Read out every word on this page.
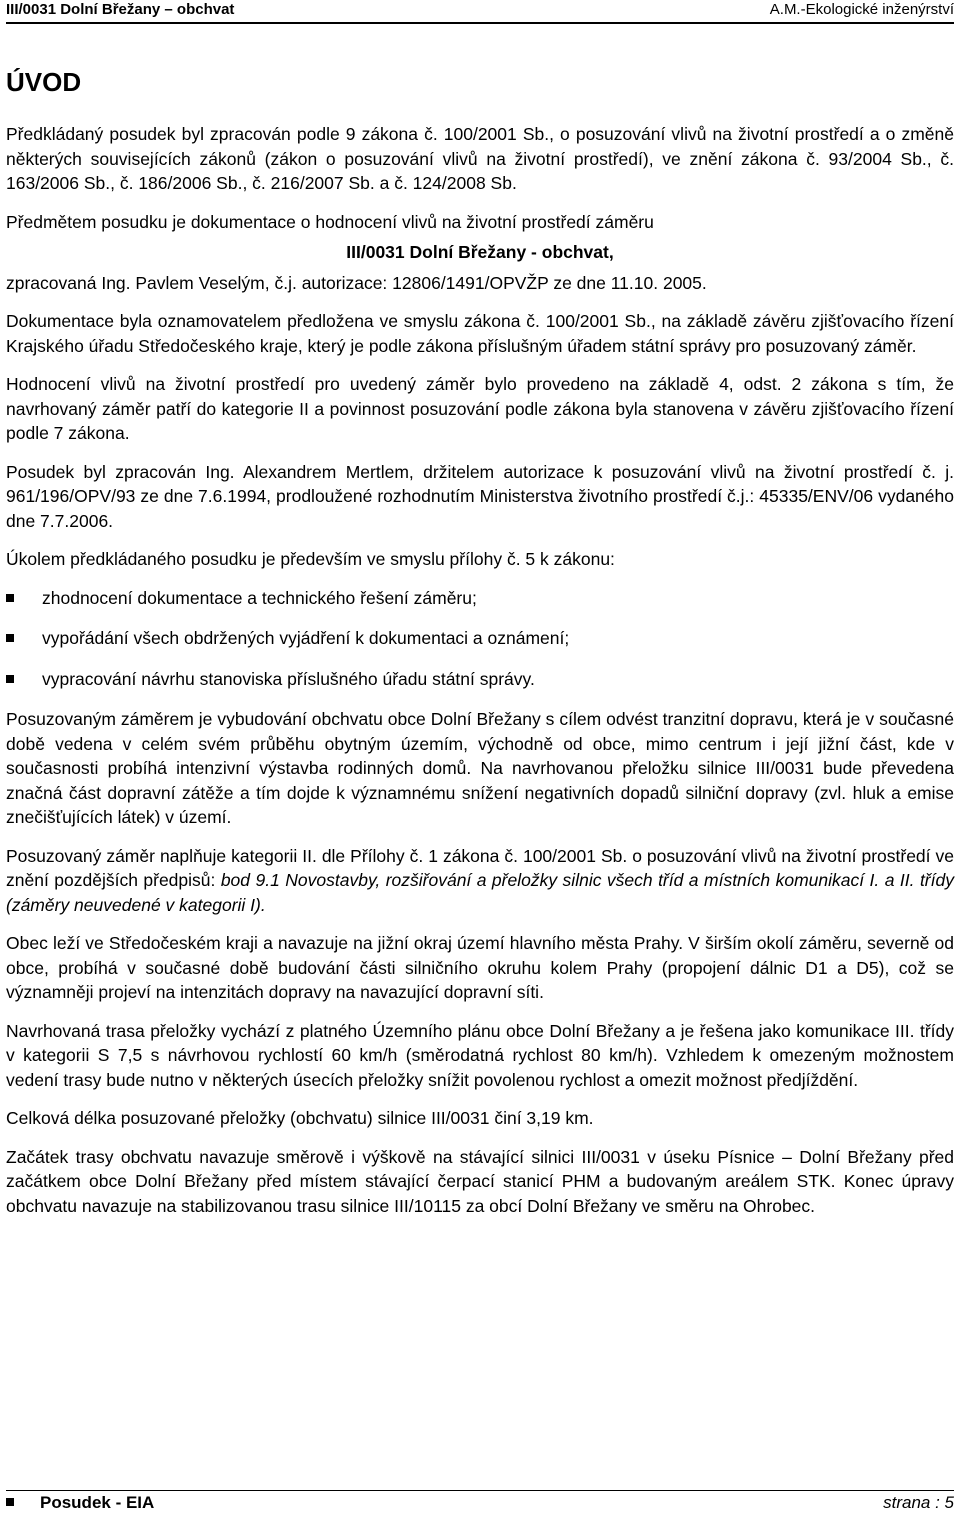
III/0031 Dolní Břežany – obchvat	A.M.-Ekologické inženýrství
ÚVOD

Předkládaný posudek byl zpracován podle 9 zákona č. 100/2001 Sb., o posuzování vlivů na životní prostředí a o změně některých souvisejících zákonů (zákon o posuzování vlivů na životní prostředí), ve znění zákona č. 93/2004 Sb., č. 163/2006 Sb., č. 186/2006 Sb., č. 216/2007 Sb. a č. 124/2008 Sb.

Předmětem posudku je dokumentace o hodnocení vlivů na životní prostředí záměru

III/0031 Dolní Břežany - obchvat,

zpracovaná Ing. Pavlem Veselým, č.j. autorizace: 12806/1491/OPVŽP ze dne 11.10. 2005.

Dokumentace byla oznamovatelem předložena ve smyslu zákona č. 100/2001 Sb., na základě závěru zjišťovacího řízení Krajského úřadu Středočeského kraje, který je podle zákona příslušným úřadem státní správy pro posuzovaný záměr.

Hodnocení vlivů na životní prostředí pro uvedený záměr bylo provedeno na základě 4, odst. 2 zákona s tím, že navrhovaný záměr patří do kategorie II a povinnost posuzování podle zákona byla stanovena v závěru zjišťovacího řízení podle 7 zákona.

Posudek byl zpracován Ing. Alexandrem Mertlem, držitelem autorizace k posuzování vlivů na životní prostředí č. j. 961/196/OPV/93 ze dne 7.6.1994, prodloužené rozhodnutím Ministerstva životního prostředí č.j.: 45335/ENV/06 vydaného dne 7.7.2006.

Úkolem předkládaného posudku je především ve smyslu přílohy č. 5 k zákonu:

zhodnocení dokumentace a technického řešení záměru;
vypořádání všech obdržených vyjádření k dokumentaci a oznámení;
vypracování návrhu stanoviska příslušného úřadu státní správy.

Posuzovaným záměrem je vybudování obchvatu obce Dolní Břežany s cílem odvést tranzitní dopravu, která je v současné době vedena v celém svém průběhu obytným územím, východně od obce, mimo centrum i její jižní část, kde v současnosti probíhá intenzivní výstavba rodinných domů. Na navrhovanou přeložku silnice III/0031 bude převedena značná část dopravní zátěže a tím dojde k významnému snížení negativních dopadů silniční dopravy (zvl. hluk a emise znečišťujících látek) v území.

Posuzovaný záměr naplňuje kategorii II. dle Přílohy č. 1 zákona č. 100/2001 Sb. o posuzování vlivů na životní prostředí ve znění pozdějších předpisů: bod 9.1 Novostavby, rozšiřování a přeložky silnic všech tříd a místních komunikací I. a II. třídy (záměry neuvedené v kategorii I).

Obec leží ve Středočeském kraji a navazuje na jižní okraj území hlavního města Prahy. V širším okolí záměru, severně od obce, probíhá v současné době budování části silničního okruhu kolem Prahy (propojení dálnic D1 a D5), což se významněji projeví na intenzitách dopravy na navazující dopravní síti.

Navrhovaná trasa přeložky vychází z platného Územního plánu obce Dolní Břežany a je řešena jako komunikace III. třídy v kategorii S 7,5 s návrhovou rychlostí 60 km/h (směrodatná rychlost 80 km/h). Vzhledem k omezeným možnostem vedení trasy bude nutno v některých úsecích přeložky snížit povolenou rychlost a omezit možnost předjíždění.

Celková délka posuzované přeložky (obchvatu) silnice III/0031 činí 3,19 km.

Začátek trasy obchvatu navazuje směrově i výškově na stávající silnici III/0031 v úseku Písnice – Dolní Břežany před začátkem obce Dolní Břežany před místem stávající čerpací stanicí PHM a budovaným areálem STK. Konec úpravy obchvatu navazuje na stabilizovanou trasu silnice III/10115 za obcí Dolní Břežany ve směru na Ohrobec.

Posudek - EIA	strana : 5
